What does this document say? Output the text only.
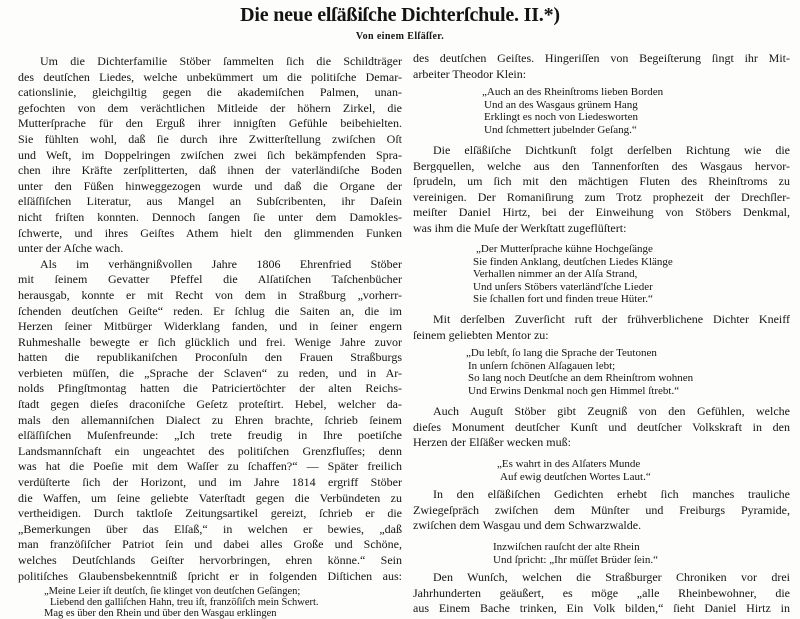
Die neue elſäßiſche Dichterſchule. II.*)
Von einem Elſäſſer.
Um die Dichterfamilie Stöber ſammelten ſich die Schildträger
des deutſchen Liedes, welche unbekümmert um die politiſche Demar-
cationslinie, gleichgiltig gegen die akademiſchen Palmen, unan-
gefochten von dem verächtlichen Mitleide der höhern Zirkel, die
Mutterſprache für den Erguß ihrer innigſten Gefühle beibehielten.
Sie fühlten wohl, daß ſie durch ihre Zwitterſtellung zwiſchen Oſt
und Weſt, im Doppelringen zwiſchen zwei ſich bekämpfenden Spra-
chen ihre Kräfte zerſplitterten, daß ihnen der vaterländiſche Boden
unter den Füßen hinweggezogen wurde und daß die Organe der
elſäſſiſchen Literatur, aus Mangel an Subſcribenten, ihr Daſein
nicht friſten konnten. Dennoch ſangen ſie unter dem Damokles-
ſchwerte, und ihres Geiſtes Athem hielt den glimmenden Funken
unter der Aſche wach.
Als im verhängnißvollen Jahre 1806 Ehrenfried Stöber
mit ſeinem Gevatter Pfeffel die Alſatiſchen Taſchenbücher
herausgab, konnte er mit Recht von dem in Straßburg „vorherr-
ſchenden deutſchen Geiſte“ reden. Er ſchlug die Saiten an, die im
Herzen ſeiner Mitbürger Widerklang fanden, und in ſeiner engern
Ruhmeshalle bewegte er ſich glücklich und frei. Wenige Jahre zuvor
hatten die republikaniſchen Proconſuln den Frauen Straßburgs
verbieten müſſen, die „Sprache der Sclaven“ zu reden, und in Ar-
nolds Pfingſtmontag hatten die Patriciertöchter der alten Reichs-
ſtadt gegen dieſes draconiſche Geſetz proteſtirt. Hebel, welcher da-
mals den allemanniſchen Dialect zu Ehren brachte, ſchrieb ſeinem
elſäſſiſchen Muſenfreunde: „Ich trete freudig in Ihre poetiſche
Landsmannſchaft ein ungeachtet des politiſchen Grenzfluſſes; denn
was hat die Poeſie mit dem Waſſer zu ſchaffen?“ — Später freilich
verdüſterte ſich der Horizont, und im Jahre 1814 ergriff Stöber
die Waffen, um ſeine geliebte Vaterſtadt gegen die Verbündeten zu
vertheidigen. Durch taktloſe Zeitungsartikel gereizt, ſchrieb er die
„Bemerkungen über das Elſaß,“ in welchen er bewies, „daß
man franzöſiſcher Patriot ſein und dabei alles Große und Schöne,
welches Deutſchlands Geiſter hervorbringen, ehren könne.“ Sein
politiſches Glaubensbekenntniß ſpricht er in folgenden Diſtichen aus:
„Meine Leier iſt deutſch, ſie klinget von deutſchen Geſängen;
Liebend den galliſchen Hahn, treu iſt, franzöſiſch mein Schwert.
Mag es über den Rhein und über den Wasgau erklingen
des deutſchen Geiſtes. Hingeriſſen von Begeiſterung ſingt ihr Mit-
arbeiter Theodor Klein:
„Auch an des Rheinſtroms lieben Borden
Und an des Wasgaus grünem Hang
Erklingt es noch von Liedesworten
Und ſchmettert jubelnder Geſang.“
Die elſäßiſche Dichtkunſt folgt derſelben Richtung wie die
Bergquellen, welche aus den Tannenforſten des Wasgaus hervor-
ſprudeln, um ſich mit den mächtigen Fluten des Rheinſtroms zu
vereinigen. Der Romaniſirung zum Trotz prophezeit der Drechſler-
meiſter Daniel Hirtz, bei der Einweihung von Stöbers Denkmal,
was ihm die Muſe der Werkſtatt zugeflüſtert:
„Der Mutterſprache kühne Hochgeſänge
Sie finden Anklang, deutſchen Liedes Klänge
Verhallen nimmer an der Alſa Strand,
Und unſers Stöbers vaterländ'ſche Lieder
Sie ſchallen fort und finden treue Hüter.“
Mit derſelben Zuverſicht ruft der frühverblichene Dichter Kneiff
ſeinem geliebten Mentor zu:
„Du lebſt, ſo lang die Sprache der Teutonen
In unſern ſchönen Alſagauen lebt;
So lang noch Deutſche an dem Rheinſtrom wohnen
Und Erwins Denkmal noch gen Himmel ſtrebt.“
Auch Auguſt Stöber gibt Zeugniß von den Gefühlen, welche
dieſes Monument deutſcher Kunſt und deutſcher Volkskraft in den
Herzen der Elſäßer wecken muß:
„Es wahrt in des Alſaters Munde
Auf ewig deutſchen Wortes Laut.“
In den elſäßiſchen Gedichten erhebt ſich manches trauliche
Zwiegeſpräch zwiſchen dem Münſter und Freiburgs Pyramide,
zwiſchen dem Wasgau und dem Schwarzwalde.
Inzwiſchen rauſcht der alte Rhein
Und ſpricht: „Ihr müſſet Brüder ſein.“
Den Wunſch, welchen die Straßburger Chroniken vor drei
Jahrhunderten geäußert, es möge „alle Rheinbewohner, die
aus Einem Bache trinken, Ein Volk bilden,“ ſieht Daniel Hirtz in
